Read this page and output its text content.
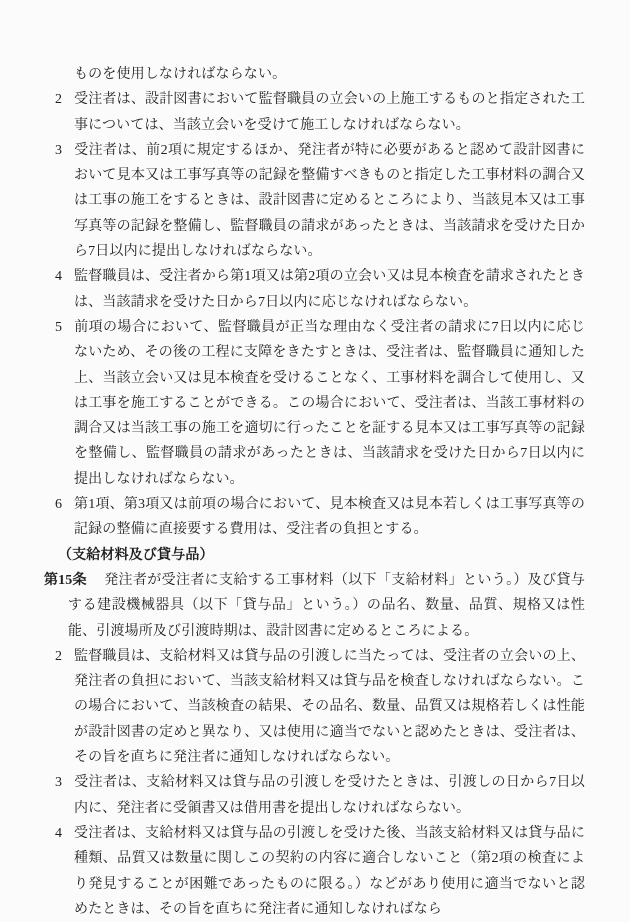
ものを使用しなければならない。

2 受注者は、設計図書において監督職員の立会いの上施工するものと指定された工事については、当該立会いを受けて施工しなければならない。

3 受注者は、前2項に規定するほか、発注者が特に必要があると認めて設計図書において見本又は工事写真等の記録を整備すべきものと指定した工事材料の調合又は工事の施工をするときは、設計図書に定めるところにより、当該見本又は工事写真等の記録を整備し、監督職員の請求があったときは、当該請求を受けた日から7日以内に提出しなければならない。

4 監督職員は、受注者から第1項又は第2項の立会い又は見本検査を請求されたときは、当該請求を受けた日から7日以内に応じなければならない。

5 前項の場合において、監督職員が正当な理由なく受注者の請求に7日以内に応じないため、その後の工程に支障をきたすときは、受注者は、監督職員に通知した上、当該立会い又は見本検査を受けることなく、工事材料を調合して使用し、又は工事を施工することができる。この場合において、受注者は、当該工事材料の調合又は当該工事の施工を適切に行ったことを証する見本又は工事写真等の記録を整備し、監督職員の請求があったときは、当該請求を受けた日から7日以内に提出しなければならない。

6 第1項、第3項又は前項の場合において、見本検査又は見本若しくは工事写真等の記録の整備に直接要する費用は、受注者の負担とする。

（支給材料及び貸与品）

第15条 発注者が受注者に支給する工事材料（以下「支給材料」という。）及び貸与する建設機械器具（以下「貸与品」という。）の品名、数量、品質、規格又は性能、引渡場所及び引渡時期は、設計図書に定めるところによる。

2 監督職員は、支給材料又は貸与品の引渡しに当たっては、受注者の立会いの上、発注者の負担において、当該支給材料又は貸与品を検査しなければならない。この場合において、当該検査の結果、その品名、数量、品質又は規格若しくは性能が設計図書の定めと異なり、又は使用に適当でないと認めたときは、受注者は、その旨を直ちに発注者に通知しなければならない。

3 受注者は、支給材料又は貸与品の引渡しを受けたときは、引渡しの日から7日以内に、発注者に受領書又は借用書を提出しなければならない。

4 受注者は、支給材料又は貸与品の引渡しを受けた後、当該支給材料又は貸与品に種類、品質又は数量に関しこの契約の内容に適合しないこと（第2項の検査により発見することが困難であったものに限る。）などがあり使用に適当でないと認めたときは、その旨を直ちに発注者に通知しなければなら
